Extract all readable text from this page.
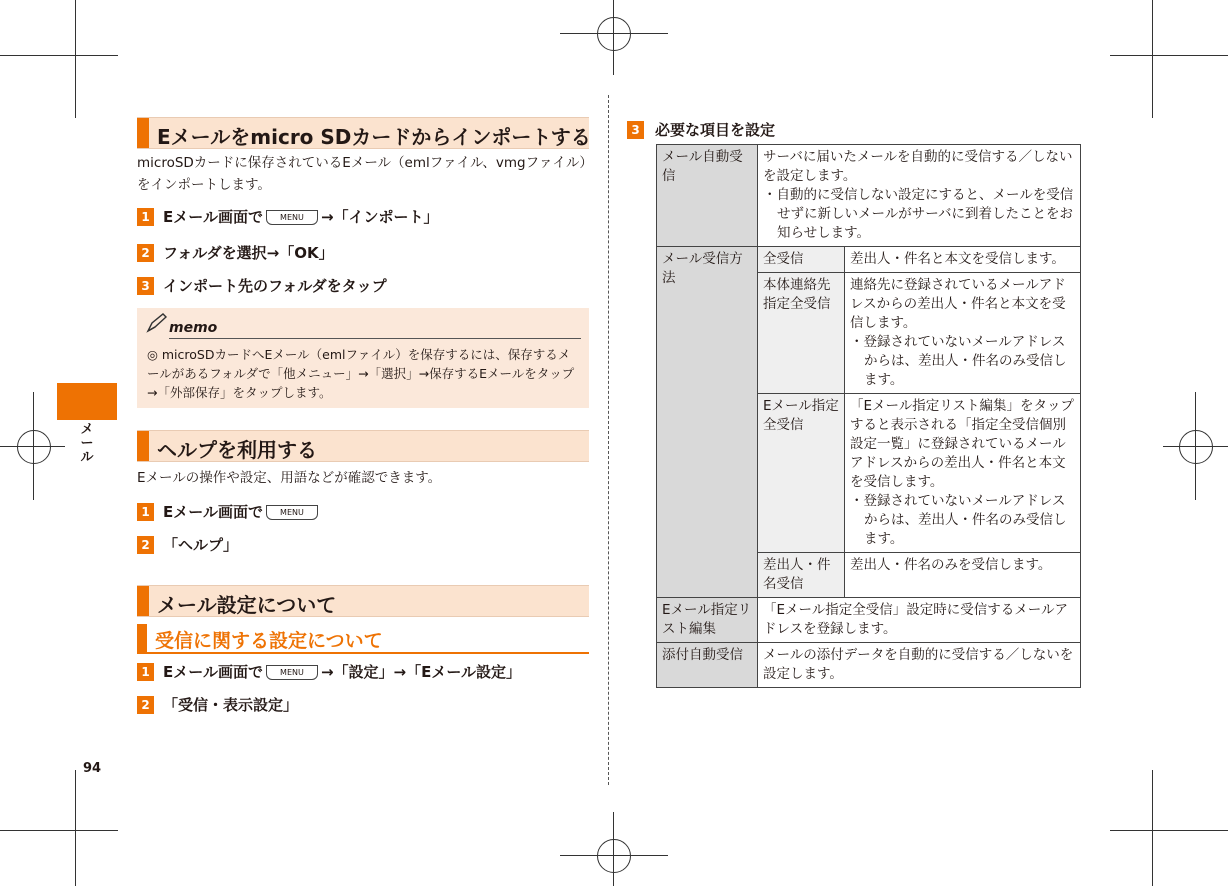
メール
94
Eメールをmicro SDカードからインポートする
microSDカードに保存されているEメール（emlファイル、vmgファイル）をインポートします。
1 Eメール画面で MENU →「インポート」
2 フォルダを選択→「OK」
3 インポート先のフォルダをタップ
memo
◎ microSDカードへEメール（emlファイル）を保存するには、保存するメールがあるフォルダで「他メニュー」→「選択」→保存するEメールをタップ→「外部保存」をタップします。
ヘルプを利用する
Eメールの操作や設定、用語などが確認できます。
1 Eメール画面で MENU
2 「ヘルプ」
メール設定について
受信に関する設定について
1 Eメール画面で MENU →「設定」→「Eメール設定」
2 「受信・表示設定」
3 必要な項目を設定
メール自動受信	サーバに届いたメールを自動的に受信する／しないを設定します。

・自動的に受信しない設定にすると、メールを受信せずに新しいメールがサーバに到着したことをお知らせします。	

メール受信方法	全受信	差出人・件名と本文を受信します。
	本体連絡先指定全受信	連絡先に登録されているメールアドレスからの差出人・件名と本文を受信します。

・登録されていないメールアドレスからは、差出人・件名のみ受信します。

	Eメール指定全受信	「Eメール指定リスト編集」をタップすると表示される「指定全受信個別設定一覧」に登録されているメールアドレスからの差出人・件名と本文を受信します。

・登録されていないメールアドレスからは、差出人・件名のみ受信します。

	差出人・件名受信	差出人・件名のみを受信します。
Eメール指定リスト編集	「Eメール指定全受信」設定時に受信するメールアドレスを登録します。	
添付自動受信	メールの添付データを自動的に受信する／しないを設定します。	
